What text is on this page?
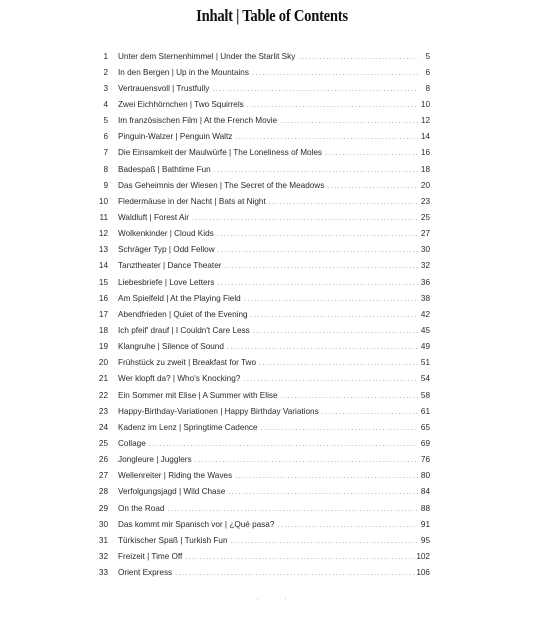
Inhalt | Table of Contents
1 Unter dem Sternenhimmel | Under the Starlit Sky . . .	5
2 In den Bergen | Up in the Mountains . . .	6
3 Vertrauensvoll | Trustfully . . .	8
4 Zwei Eichhörnchen | Two Squirrels . . .	10
5 Im französischen Film | At the French Movie . . .	12
6 Pinguin-Walzer | Penguin Waltz . . .	14
7 Die Einsamkeit der Maulwürfe | The Loneliness of Moles . . .	16
8 Badespaß | Bathtime Fun . . .	18
9 Das Geheimnis der Wiesen | The Secret of the Meadows . . .	20
10 Fledermäuse in der Nacht | Bats at Night . . .	23
11 Waldluft | Forest Air . . .	25
12 Wolkenkinder | Cloud Kids . . .	27
13 Schräger Typ | Odd Fellow . . .	30
14 Tanztheater | Dance Theater . . .	32
15 Liebesbriefe | Love Letters . . .	36
16 Am Spielfeld | At the Playing Field . . .	38
17 Abendfrieden | Quiet of the Evening . . .	42
18 Ich pfeif' drauf | I Couldn't Care Less . . .	45
19 Klangruhe | Silence of Sound . . .	49
20 Frühstück zu zweit | Breakfast for Two . . .	51
21 Wer klopft da? | Who's Knocking? . . .	54
22 Ein Sommer mit Elise | A Summer with Elise . . .	58
23 Happy-Birthday-Variationen | Happy Birthday Variations . . .	61
24 Kadenz im Lenz | Springtime Cadence . . .	65
25 Collage . . .	69
26 Jongleure | Jugglers . . .	76
27 Wellenreiter | Riding the Waves . . .	80
28 Verfolgungsjagd | Wild Chase . . .	84
29 On the Road . . .	88
30 Das kommt mir Spanisch vor | ¿Qué pasa? . . .	91
31 Türkischer Spaß | Turkish Fun . . .	95
32 Freizeit | Time Off . . .	102
33 Orient Express . . .	106
· ·
